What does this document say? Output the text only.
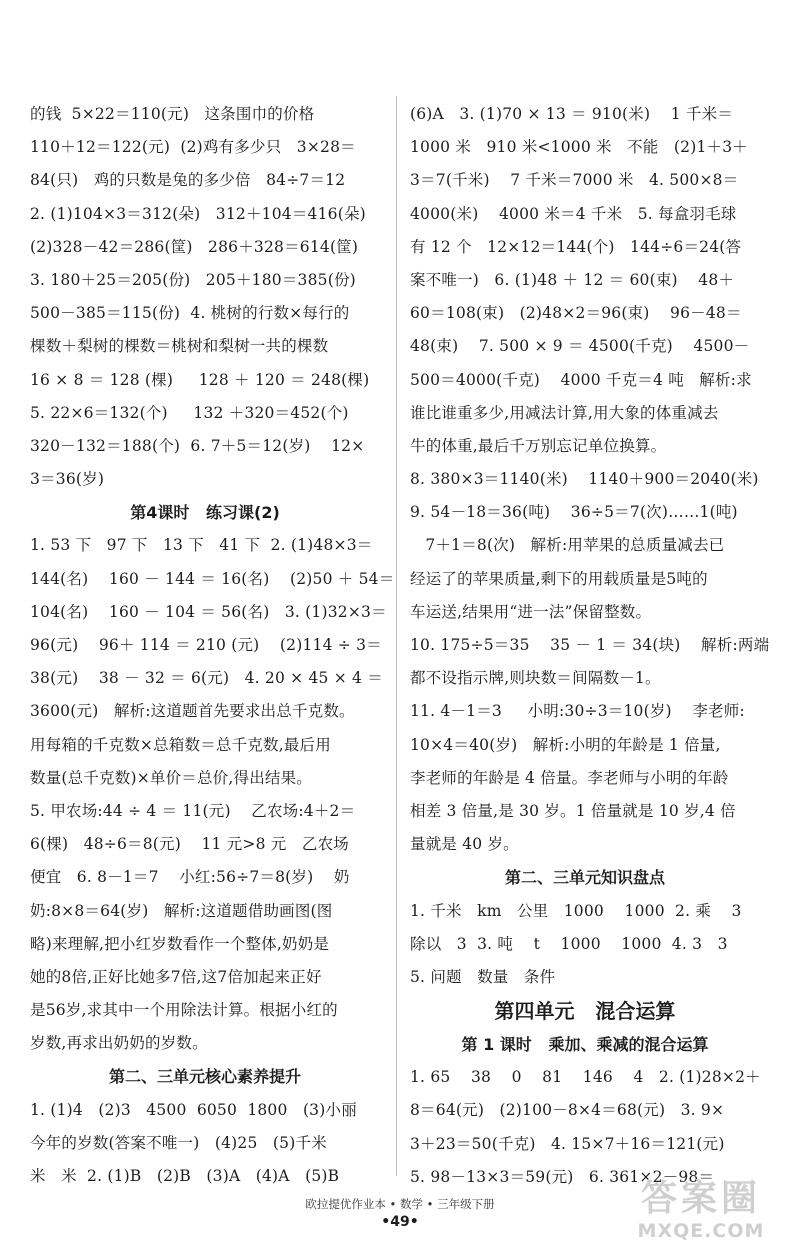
的钱  5×22＝110(元)   这条围巾的价格
110＋12＝122(元)  (2)鸡有多少只   3×28＝
84(只)   鸡的只数是兔的多少倍   84÷7＝12
2. (1)104×3＝312(朵)   312＋104＝416(朵)
(2)328－42＝286(筐)   286＋328＝614(筐)
3. 180＋25＝205(份)   205＋180＝385(份)
500－385＝115(份)  4. 桃树的行数×每行的
棵数＋梨树的棵数＝桃树和梨树一共的棵数
16 × 8 ＝ 128 (棵)     128 ＋ 120 ＝ 248(棵)
5. 22×6＝132(个)     132 ＋320＝452(个)
320－132＝188(个)  6. 7＋5＝12(岁)    12×
3＝36(岁)
第4课时   练习课(2)
1. 53 下   97 下   13 下   41 下  2. (1)48×3＝
144(名)    160 － 144 ＝ 16(名)    (2)50 ＋ 54＝
104(名)    160 － 104 ＝ 56(名)   3. (1)32×3＝
96(元)    96＋ 114 ＝ 210 (元)    (2)114 ÷ 3＝
38(元)    38 － 32 ＝ 6(元)   4. 20 × 45 × 4 ＝
3600(元)   解析:这道题首先要求出总千克数。
用每箱的千克数×总箱数＝总千克数,最后用
数量(总千克数)×单价＝总价,得出结果。
5. 甲农场:44 ÷ 4 ＝ 11(元)    乙农场:4＋2＝
6(棵)   48÷6＝8(元)    11 元>8 元   乙农场
便宜   6. 8－1＝7    小红:56÷7＝8(岁)    奶
奶:8×8＝64(岁)   解析:这道题借助画图(图
略)来理解,把小红岁数看作一个整体,奶奶是
她的8倍,正好比她多7倍,这7倍加起来正好
是56岁,求其中一个用除法计算。根据小红的
岁数,再求出奶奶的岁数。
第二、三单元核心素养提升
1. (1)4   (2)3   4500  6050  1800   (3)小丽
今年的岁数(答案不唯一)   (4)25   (5)千米
米   米  2. (1)B   (2)B   (3)A   (4)A   (5)B
(6)A   3. (1)70 × 13 ＝ 910(米)    1 千米＝
1000 米   910 米<1000 米   不能   (2)1＋3＋
3＝7(千米)    7 千米＝7000 米   4. 500×8＝
4000(米)    4000 米＝4 千米   5. 每盒羽毛球
有 12 个   12×12＝144(个)   144÷6＝24(答
案不唯一)   6. (1)48 ＋ 12 ＝ 60(束)    48＋
60＝108(束)   (2)48×2＝96(束)    96－48＝
48(束)    7. 500 × 9 ＝ 4500(千克)    4500－
500＝4000(千克)    4000 千克＝4 吨   解析:求
谁比谁重多少,用减法计算,用大象的体重减去
牛的体重,最后千万别忘记单位换算。
8. 380×3＝1140(米)    1140＋900＝2040(米)
9. 54－18＝36(吨)    36÷5＝7(次)……1(吨)
7＋1＝8(次)   解析:用苹果的总质量减去已
经运了的苹果质量,剩下的用载质量是5吨的
车运送,结果用“进一法”保留整数。
10. 175÷5＝35    35 － 1 ＝ 34(块)    解析:两端
都不设指示牌,则块数＝间隔数－1。
11. 4－1＝3     小明:30÷3＝10(岁)    李老师:
10×4＝40(岁)   解析:小明的年龄是 1 倍量,
李老师的年龄是 4 倍量。李老师与小明的年龄
相差 3 倍量,是 30 岁。1 倍量就是 10 岁,4 倍
量就是 40 岁。
第二、三单元知识盘点
1. 千米   km   公里   1000    1000  2. 乘    3
除以   3  3. 吨    t    1000    1000  4. 3   3
5. 问题   数量   条件
第四单元   混合运算
第 1 课时   乘加、乘减的混合运算
1. 65    38    0    81    146    4   2. (1)28×2＋
8＝64(元)   (2)100－8×4＝68(元)   3. 9×
3＋23＝50(千克)   4. 15×7＋16＝121(元)
5. 98－13×3＝59(元)   6. 361×2－98＝
欧拉提优作业本 • 数学 • 三年级下册
•49•
答案圈
MXQE.COM
